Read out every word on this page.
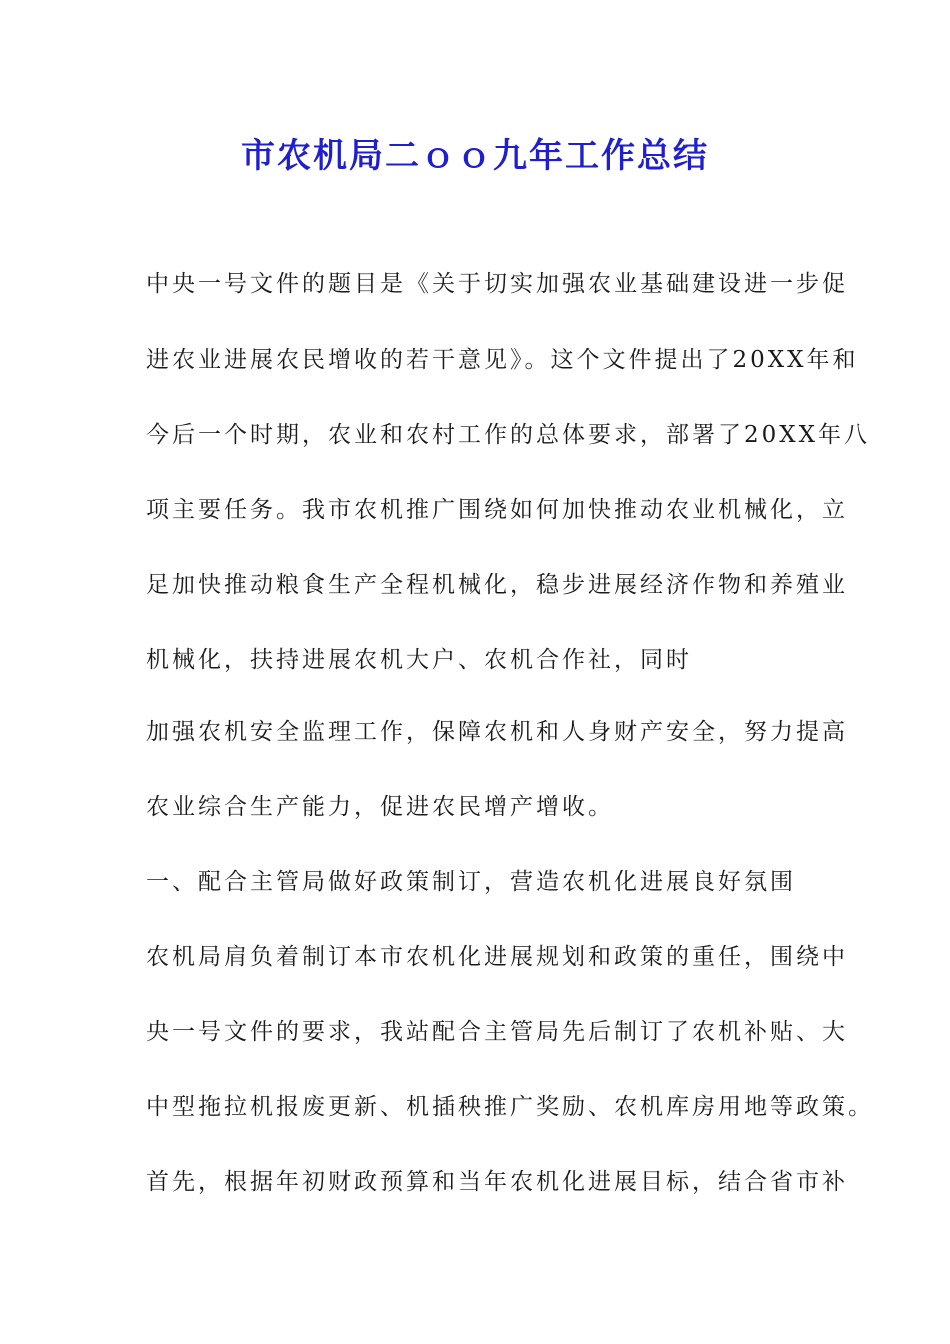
市农机局二ｏｏ九年工作总结

中央一号文件的题目是《关于切实加强农业基础建设进一步促

进农业进展农民增收的若干意见》。这个文件提出了20XX年和

今后一个时期，农业和农村工作的总体要求，部署了20XX年八

项主要任务。我市农机推广围绕如何加快推动农业机械化，立

足加快推动粮食生产全程机械化，稳步进展经济作物和养殖业

机械化，扶持进展农机大户、农机合作社，同时

加强农机安全监理工作，保障农机和人身财产安全，努力提高

农业综合生产能力，促进农民增产增收。

一、配合主管局做好政策制订，营造农机化进展良好氛围

农机局肩负着制订本市农机化进展规划和政策的重任，围绕中

央一号文件的要求，我站配合主管局先后制订了农机补贴、大

中型拖拉机报废更新、机插秧推广奖励、农机库房用地等政策。

首先，根据年初财政预算和当年农机化进展目标，结合省市补
